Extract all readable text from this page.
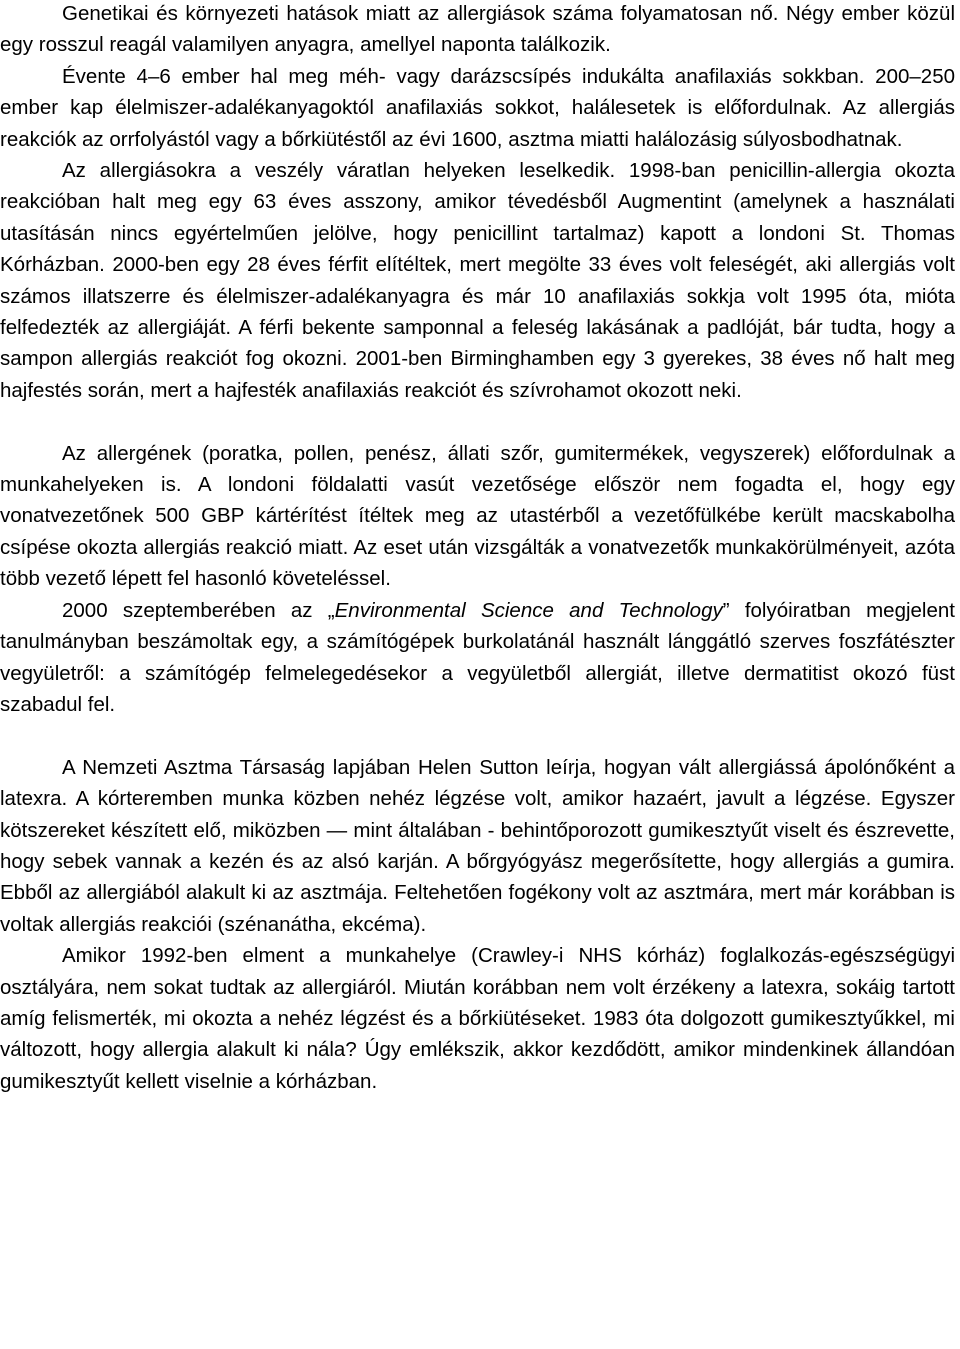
Genetikai és környezeti hatások miatt az allergiások száma folyamatosan nő. Négy ember közül egy rosszul reagál valamilyen anyagra, amellyel naponta találkozik.

Évente 4–6 ember hal meg méh- vagy darázscsípés indukálta anafilaxiás sokkban. 200–250 ember kap élelmiszer-adalékanyagoktól anafilaxiás sokkot, halálesetek is előfordulnak. Az allergiás reakciók az orrfolyástól vagy a bőrkiütéstől az évi 1600, asztma miatti halálozásig súlyosbodhatnak.

Az allergiásokra a veszély váratlan helyeken leselkedik. 1998-ban penicillin-allergia okozta reakcióban halt meg egy 63 éves asszony, amikor tévedésből Augmentint (amelynek a használati utasításán nincs egyértelműen jelölve, hogy penicillint tartalmaz) kapott a londoni St. Thomas Kórházban. 2000-ben egy 28 éves férfit elítéltek, mert megölte 33 éves volt feleségét, aki allergiás volt számos illatszerre és élelmiszer-adalékanyagra és már 10 anafilaxiás sokkja volt 1995 óta, mióta felfedezték az allergiáját. A férfi bekente samponnal a feleség lakásának a padlóját, bár tudta, hogy a sampon allergiás reakciót fog okozni. 2001-ben Birminghamben egy 3 gyerekes, 38 éves nő halt meg hajfestés során, mert a hajfesték anafilaxiás reakciót és szívrohamot okozott neki.

Az allergének (poratka, pollen, penész, állati szőr, gumitermékek, vegyszerek) előfordulnak a munkahelyeken is. A londoni földalatti vasút vezetősége először nem fogadta el, hogy egy vonatvezetőnek 500 GBP kártérítést ítéltek meg az utastérből a vezetőfülkébe került macskabolha csípése okozta allergiás reakció miatt. Az eset után vizsgálták a vonatvezetők munkakörülményeit, azóta több vezető lépett fel hasonló követeléssel.

2000 szeptemberében az „Environmental Science and Technology” folyóiratban megjelent tanulmányban beszámoltak egy, a számítógépek burkolatánál használt lánggátló szerves foszfátészter vegyületről: a számítógép felmelegedésekor a vegyületből allergiát, illetve dermatitist okozó füst szabadul fel.

A Nemzeti Asztma Társaság lapjában Helen Sutton leírja, hogyan vált allergiássá ápolónőként a latexra. A kórteremben munka közben nehéz légzése volt, amikor hazaért, javult a légzése. Egyszer kötszereket készített elő, miközben — mint általában - behintőporozott gumikesztyűt viselt és észrevette, hogy sebek vannak a kezén és az alsó karján. A bőrgyógyász megerősítette, hogy allergiás a gumira. Ebből az allergiából alakult ki az asztmája. Feltehetően fogékony volt az asztmára, mert már korábban is voltak allergiás reakciói (szénanátha, ekcéma).

Amikor 1992-ben elment a munkahelye (Crawley-i NHS kórház) foglalkozás-egészségügyi osztályára, nem sokat tudtak az allergiáról. Miután korábban nem volt érzékeny a latexra, sokáig tartott amíg felismerték, mi okozta a nehéz légzést és a bőrkiütéseket. 1983 óta dolgozott gumikesztyűkkel, mi változott, hogy allergia alakult ki nála? Úgy emlékszik, akkor kezdődött, amikor mindenkinek állandóan gumikesztyűt kellett viselnie a kórházban.
